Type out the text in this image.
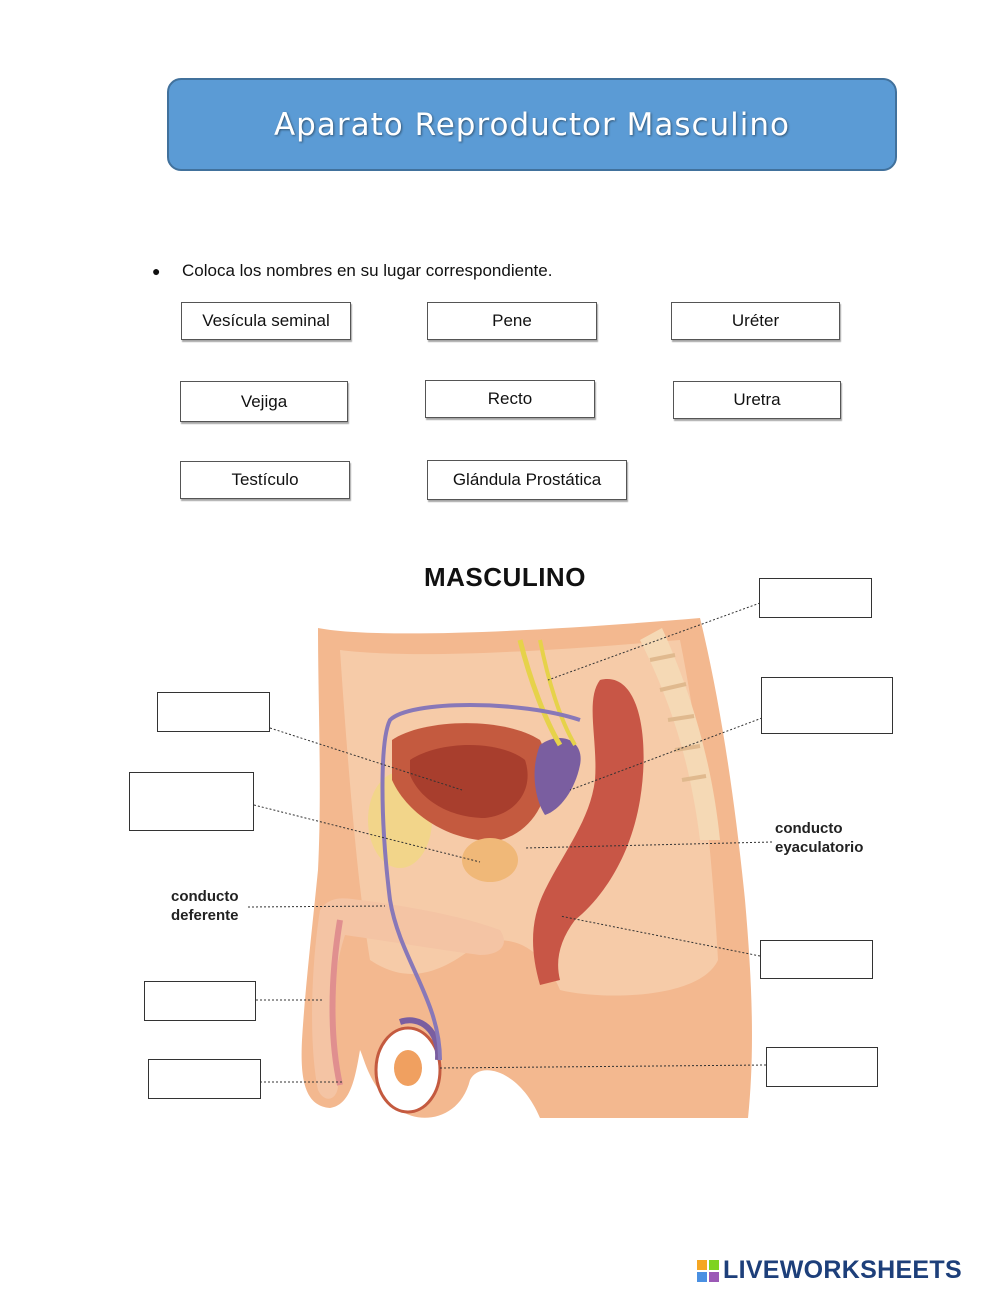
Aparato Reproductor Masculino
●	Coloca los nombres en su lugar correspondiente.
Vesícula seminal	Pene	Uréter
Vejiga	Recto	Uretra
Testículo	Glándula Prostática
MASCULINO
conducto
eyaculatorio
conducto
deferente
LIVEWORKSHEETS
